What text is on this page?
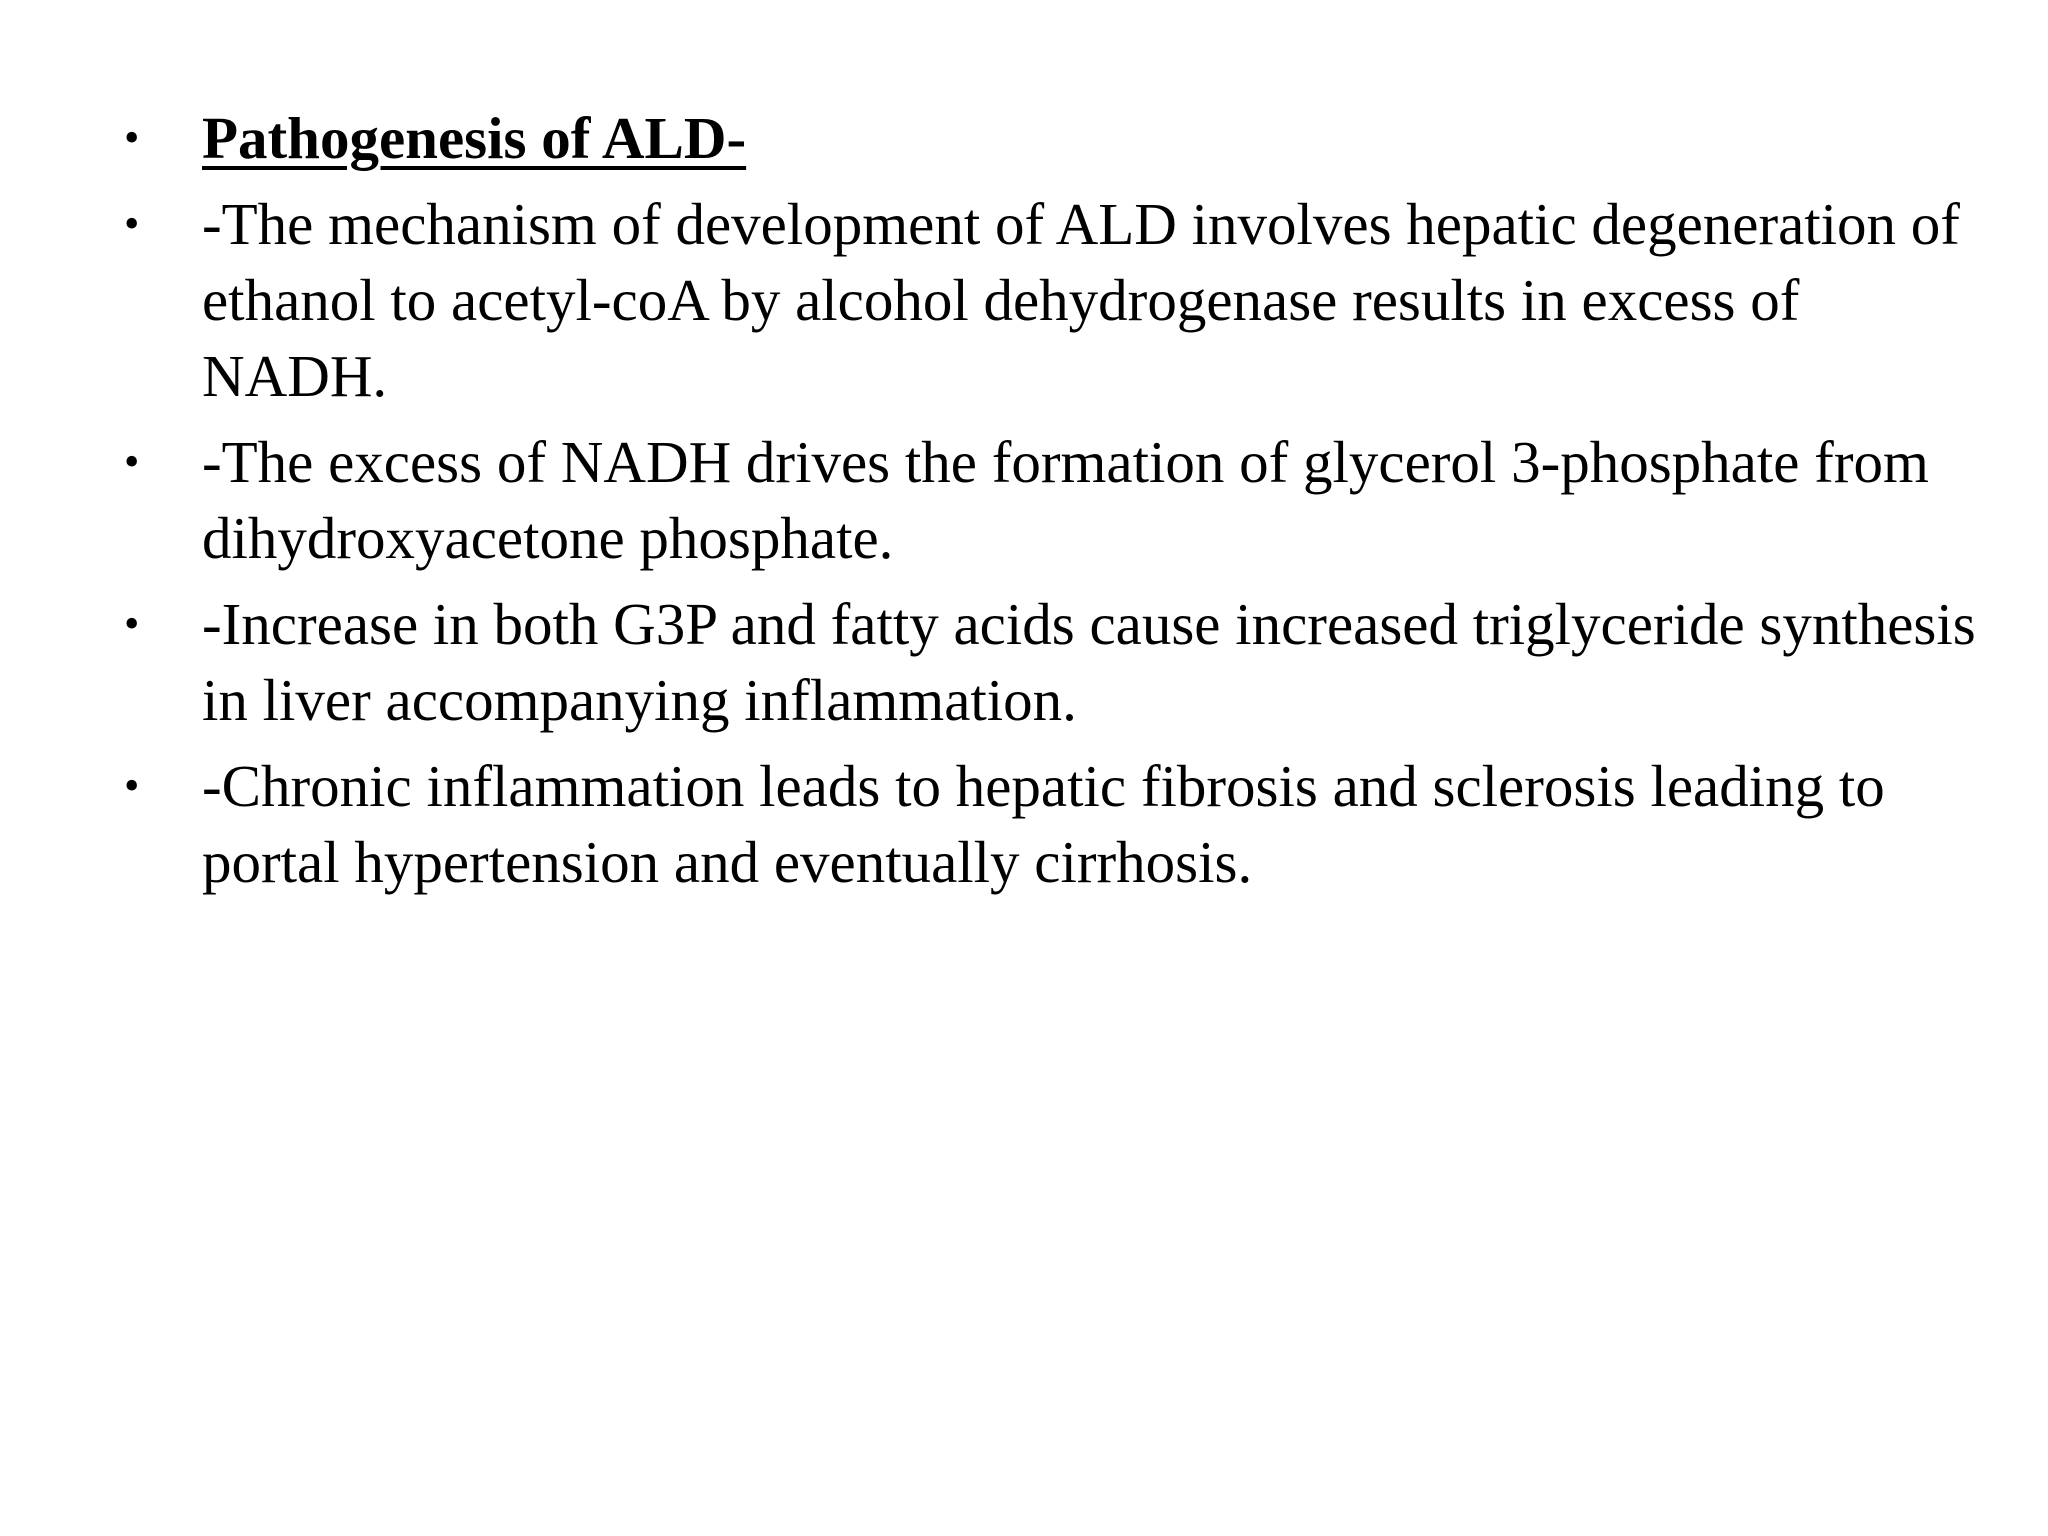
• Pathogenesis of ALD-
• -The mechanism of development of ALD involves hepatic degeneration of ethanol to acetyl-coA by alcohol dehydrogenase results in excess of NADH.
• -The excess of NADH drives the formation of glycerol 3-phosphate from dihydroxyacetone phosphate.
• -Increase in both G3P and fatty acids cause increased triglyceride synthesis in liver accompanying inflammation.
• -Chronic inflammation leads to hepatic fibrosis and sclerosis leading to portal hypertension and eventually cirrhosis.
